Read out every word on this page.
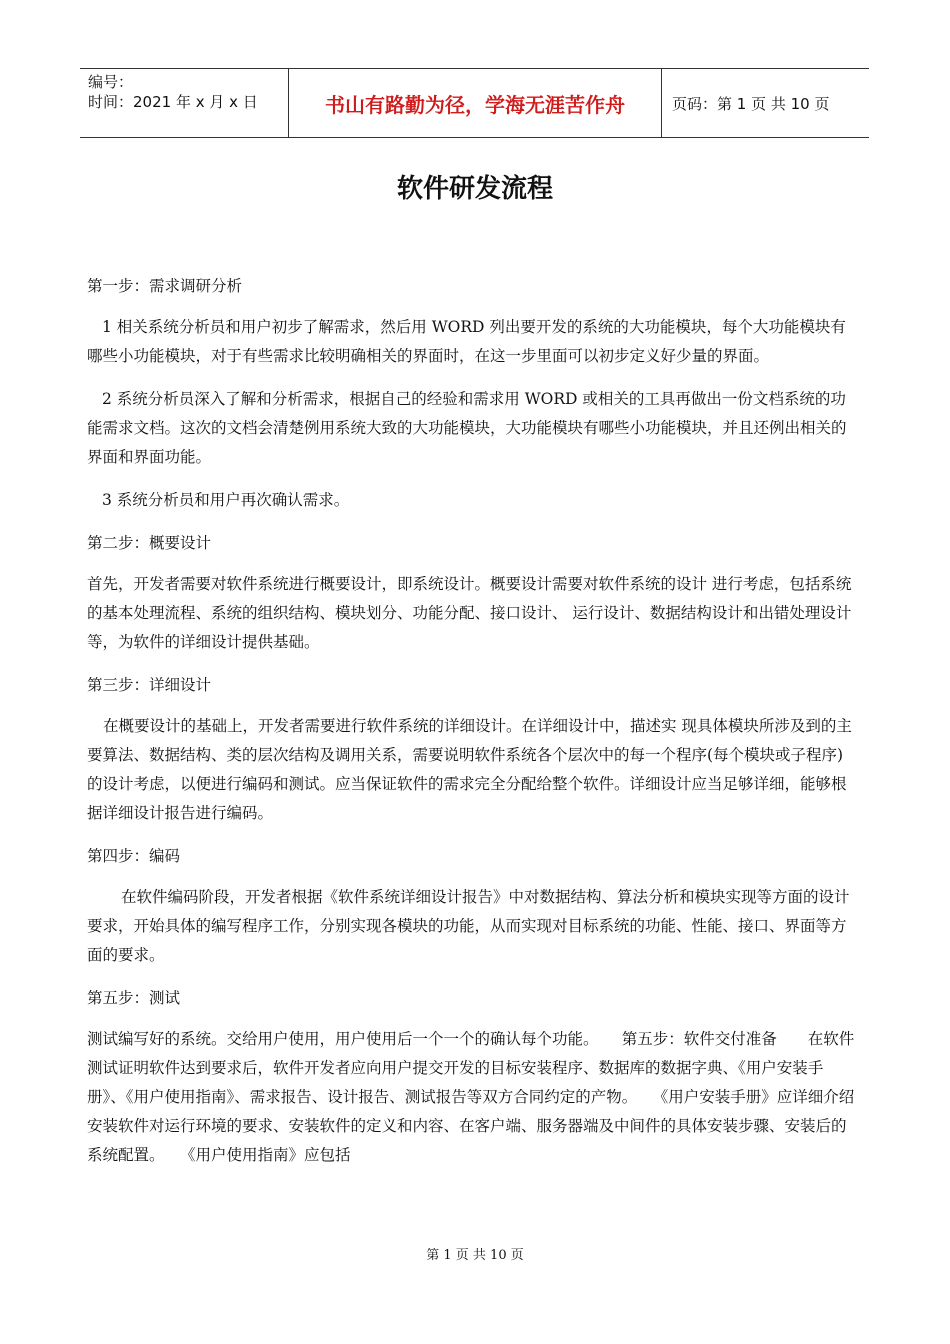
编号：
时间：2021 年 x 月 x 日	书山有路勤为径，学海无涯苦作舟	页码：第 1 页 共 10 页
软件研发流程

第一步：需求调研分析

1 相关系统分析员和用户初步了解需求，然后用 WORD 列出要开发的系统的大功能模块，每个大功能模块有哪些小功能模块，对于有些需求比较明确相关的界面时，在这一步里面可以初步定义好少量的界面。

2 系统分析员深入了解和分析需求，根据自己的经验和需求用 WORD 或相关的工具再做出一份文档系统的功能需求文档。这次的文档会清楚例用系统大致的大功能模块，大功能模块有哪些小功能模块，并且还例出相关的界面和界面功能。

3 系统分析员和用户再次确认需求。

第二步：概要设计

首先，开发者需要对软件系统进行概要设计，即系统设计。概要设计需要对软件系统的设计 进行考虑，包括系统的基本处理流程、系统的组织结构、模块划分、功能分配、接口设计、 运行设计、数据结构设计和出错处理设计等，为软件的详细设计提供基础。

第三步：详细设计

在概要设计的基础上，开发者需要进行软件系统的详细设计。在详细设计中，描述实 现具体模块所涉及到的主要算法、数据结构、类的层次结构及调用关系，需要说明软件系统各个层次中的每一个程序(每个模块或子程序)的设计考虑，以便进行编码和测试。应当保证软件的需求完全分配给整个软件。详细设计应当足够详细，能够根据详细设计报告进行编码。

第四步：编码

在软件编码阶段，开发者根据《软件系统详细设计报告》中对数据结构、算法分析和模块实现等方面的设计要求，开始具体的编写程序工作，分别实现各模块的功能，从而实现对目标系统的功能、性能、接口、界面等方面的要求。

第五步：测试

测试编写好的系统。交给用户使用，用户使用后一个一个的确认每个功能。　　第五步：软件交付准备　　在软件测试证明软件达到要求后，软件开发者应向用户提交开发的目标安装程序、数据库的数据字典、《用户安装手册》、《用户使用指南》、需求报告、设计报告、测试报告等双方合同约定的产物。　　《用户安装手册》应详细介绍安装软件对运行环境的要求、安装软件的定义和内容、在客户端、服务器端及中间件的具体安装步骤、安装后的系统配置。　　《用户使用指南》应包括

第 1 页 共 10 页
